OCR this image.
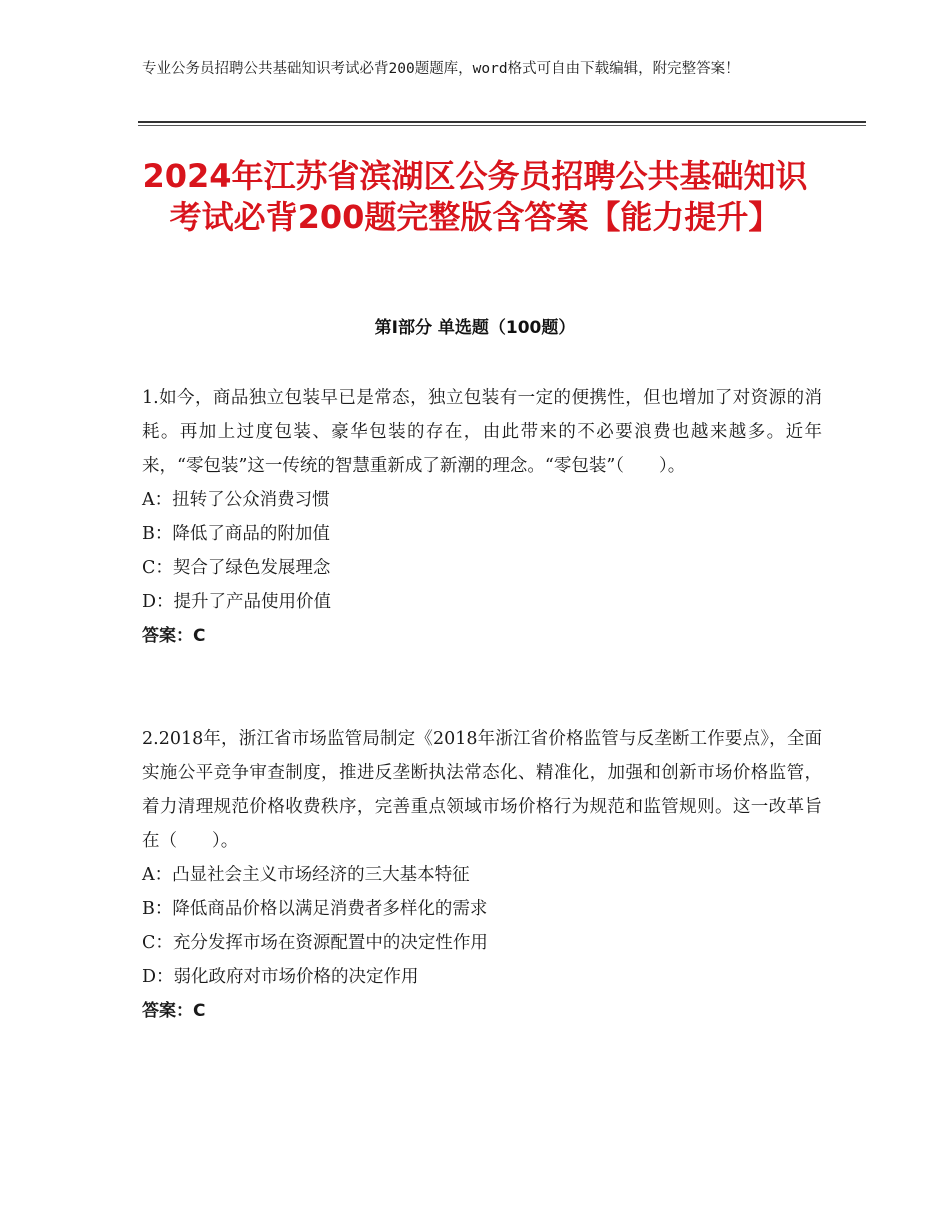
专业公务员招聘公共基础知识考试必背200题题库，word格式可自由下载编辑，附完整答案！
2024年江苏省滨湖区公务员招聘公共基础知识考试必背200题完整版含答案【能力提升】
第Ⅰ部分 单选题（100题）

1.如今，商品独立包装早已是常态，独立包装有一定的便携性，但也增加了对资源的消耗。再加上过度包装、豪华包装的存在，由此带来的不必要浪费也越来越多。近年来，“零包装”这一传统的智慧重新成了新潮的理念。“零包装”（　　）。

A：扭转了公众消费习惯
B：降低了商品的附加值
C：契合了绿色发展理念
D：提升了产品使用价值

答案：C

2.2018年，浙江省市场监管局制定《2018年浙江省价格监管与反垄断工作要点》，全面实施公平竞争审查制度，推进反垄断执法常态化、精准化，加强和创新市场价格监管，着力清理规范价格收费秩序，完善重点领域市场价格行为规范和监管规则。这一改革旨在（　　）。

A：凸显社会主义市场经济的三大基本特征
B：降低商品价格以满足消费者多样化的需求
C：充分发挥市场在资源配置中的决定性作用
D：弱化政府对市场价格的决定作用

答案：C
